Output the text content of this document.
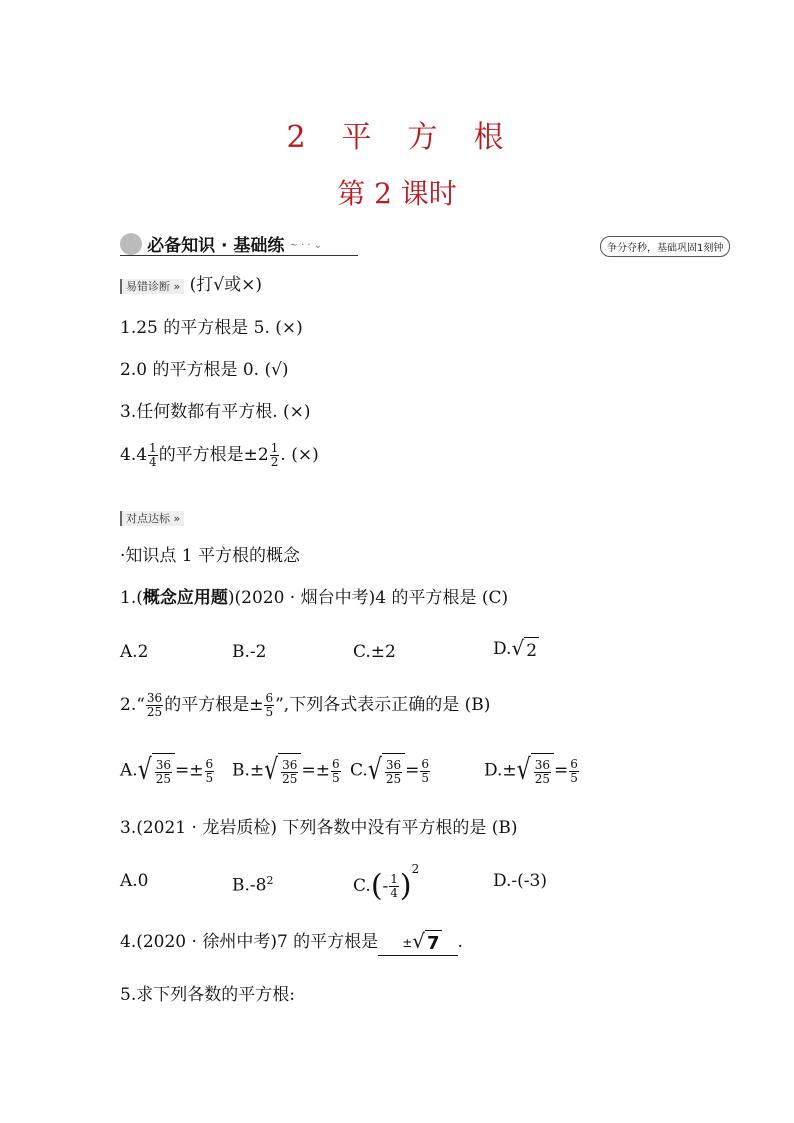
2 平 方 根
第 2 课时
必备知识 · 基础练 ~ · · ⌄	争分夺秒，基础巩固1刻钟
易错诊断 » (打√或×)
1.25 的平方根是 5. (×)
2.0 的平方根是 0. (√)
3.任何数都有平方根. (×)
$4.4 \frac{1}{4}$ 的平方根是$\pm 2 \frac{1}{2}$ . (×)
对点达标 »
·知识点 1 平方根的概念
1.(概念应用题)(2020 · 烟台中考)4 的平方根是 (C)
A.2	B.-2	C.±2	D. √ 2
2.“ $\frac{36}{25}$ 的平方根是± $\frac{6}{5}$ ”,下列各式表示正确的是 (B)
A. √ $\frac{36}{25} =\pm \frac{6}{5} B.\pm$ √ $\frac{36}{25} =\pm \frac{6}{5} C$. √ $\frac{36}{25} = \frac{6}{5}$	D.± √ $\frac{36}{25} = \frac{6}{5}$
3.(2021 · 龙岩质检) 下列各数中没有平方根的是 (B)
A.0	$B.-8^2$	$C.(- \frac{1}{4} )^2$
D.-(-3)
4.(2020 · 徐州中考)7 的平方根是 ± √ 7 .
5.求下列各数的平方根:
